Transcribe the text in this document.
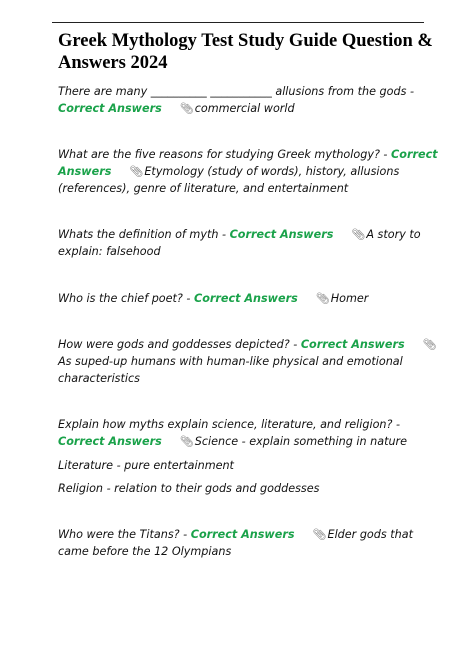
Greek Mythology Test Study Guide Question & Answers 2024

There are many __________ ___________ allusions from the gods - Correct Answers 📎︎commercial world

What are the five reasons for studying Greek mythology? - Correct Answers 📎︎Etymology (study of words), history, allusions (references), genre of literature, and entertainment

Whats the definition of myth - Correct Answers 📎︎A story to explain: falsehood

Who is the chief poet? - Correct Answers 📎︎Homer

How were gods and goddesses depicted? - Correct Answers 📎︎As suped-up humans with human-like physical and emotional characteristics

Explain how myths explain science, literature, and religion? - Correct Answers 📎︎Science - explain something in nature

Literature - pure entertainment

Religion - relation to their gods and goddesses

Who were the Titans? - Correct Answers 📎︎Elder gods that came before the 12 Olympians
